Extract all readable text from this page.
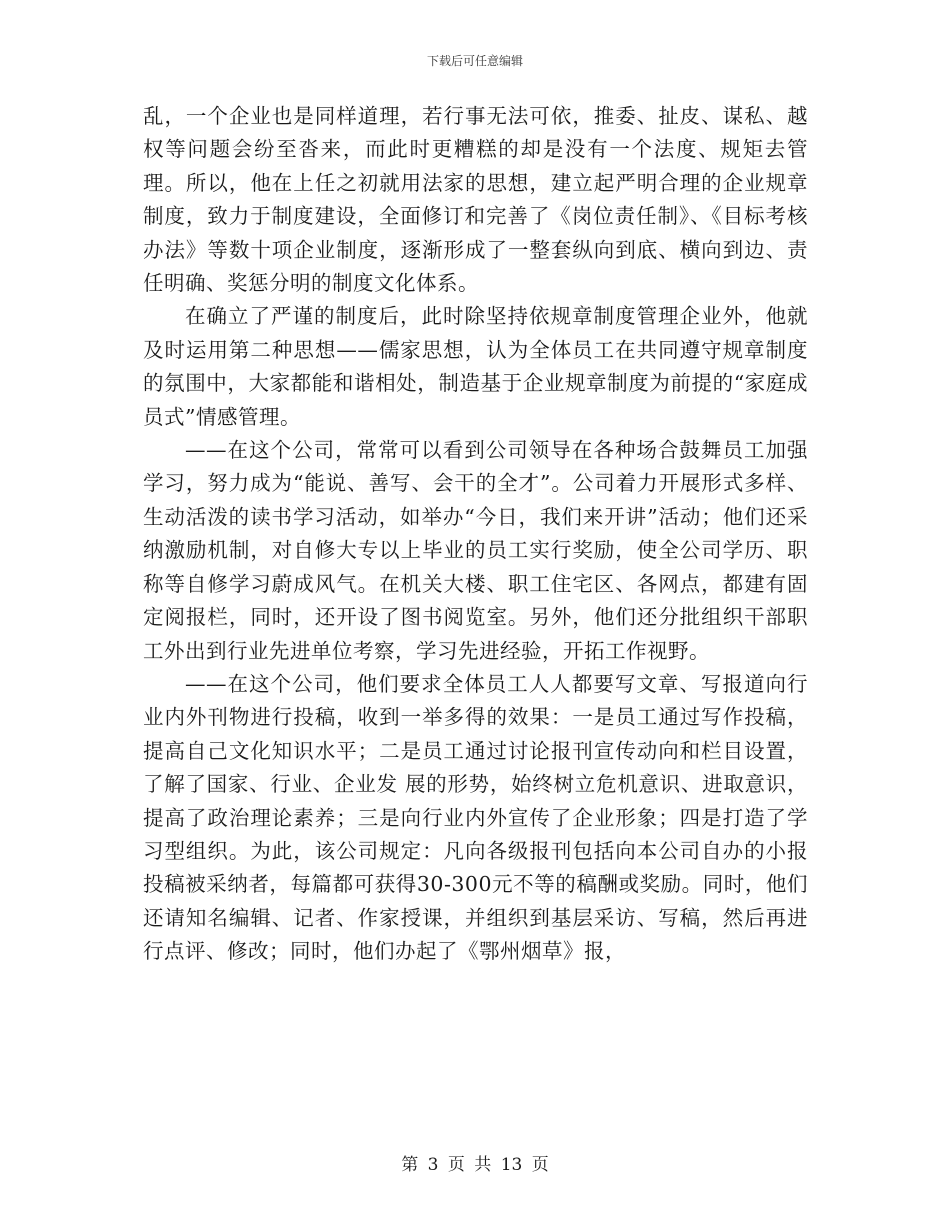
下载后可任意编辑

乱，一个企业也是同样道理，若行事无法可依，推委、扯皮、谋私、越权等问题会纷至沓来，而此时更糟糕的却是没有一个法度、规矩去管理。所以，他在上任之初就用法家的思想，建立起严明合理的企业规章制度，致力于制度建设，全面修订和完善了《岗位责任制》、《目标考核办法》等数十项企业制度，逐渐形成了一整套纵向到底、横向到边、责任明确、奖惩分明的制度文化体系。

在确立了严谨的制度后，此时除坚持依规章制度管理企业外，他就及时运用第二种思想——儒家思想，认为全体员工在共同遵守规章制度的氛围中，大家都能和谐相处，制造基于企业规章制度为前提的“家庭成员式”情感管理。

——在这个公司，常常可以看到公司领导在各种场合鼓舞员工加强学习，努力成为“能说、善写、会干的全才”。公司着力开展形式多样、生动活泼的读书学习活动，如举办“今日，我们来开讲”活动；他们还采纳激励机制，对自修大专以上毕业的员工实行奖励，使全公司学历、职称等自修学习蔚成风气。在机关大楼、职工住宅区、各网点，都建有固定阅报栏，同时，还开设了图书阅览室。另外，他们还分批组织干部职工外出到行业先进单位考察，学习先进经验，开拓工作视野。

——在这个公司，他们要求全体员工人人都要写文章、写报道向行业内外刊物进行投稿，收到一举多得的效果：一是员工通过写作投稿，提高自己文化知识水平；二是员工通过讨论报刊宣传动向和栏目设置，了解了国家、行业、企业发 展的形势，始终树立危机意识、进取意识，提高了政治理论素养；三是向行业内外宣传了企业形象；四是打造了学习型组织。为此，该公司规定：凡向各级报刊包括向本公司自办的小报投稿被采纳者，每篇都可获得30-300元不等的稿酬或奖励。同时，他们还请知名编辑、记者、作家授课，并组织到基层采访、写稿，然后再进行点评、修改；同时，他们办起了《鄂州烟草》报，

第 3 页 共 13 页
